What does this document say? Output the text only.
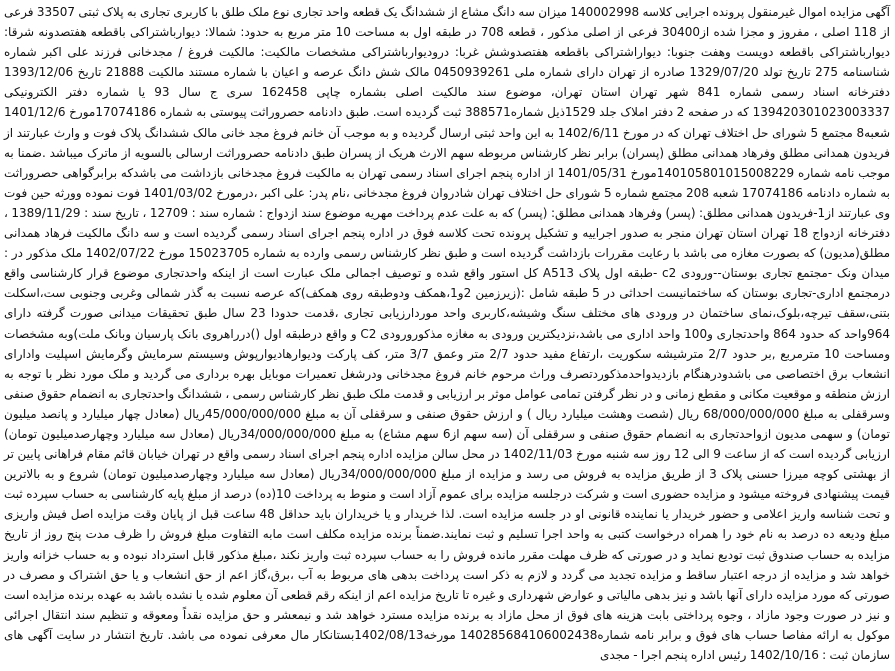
آگهی مزایده اموال غیرمنقول پرونده اجرایی کلاسه 140002998 میزان سه دانگ مشاع از ششدانگ یک قطعه واحد تجاری نوع ملک طلق با کاربری تجاری به پلاک ثبتی 33507 فرعی از 118 اصلی ، مفروز و مجزا شده از30400 فرعی از اصلی مذکور ، قطعه 708 در طبقه اول به مساحت 10 متر مربع به حدود: شمالا: دیوارباشتراکی باقطعه هفتصدونه شرقا: دیوارباشتراکی باقطعه دویست وهفت جنوبا: دیواراشتراکی باقطعه هفتصدوشش غربا: درودیوارباشتراکی مشخصات مالکیت: مالکیت فروغ / مجدخانی فرزند علی اکبر شماره شناسنامه 275 تاریخ تولد 1329/07/20 صادره از تهران دارای شماره ملی 0450939261 مالک شش دانگ عرصه و اعیان با شماره مستند مالکیت 21888 تاریخ 1393/12/06 دفترخانه اسناد رسمی شماره 841 شهر تهران استان تهران، موضوع سند مالکیت اصلی بشماره چاپی 162458 سری ج سال 93 یا شماره دفتر الکترونیکی 139420301023003337 که در صفحه 2 دفتر املاک جلد 1529ذیل شماره388571 ثبت گردیده است. طبق دادنامه حصروراثت پیوستی به شماره 17074186مورخ 1401/12/6 شعبه8 مجتمع 5 شورای حل اختلاف تهران که در مورخ 1402/6/11 به این واحد ثبتی ارسال گردیده و به موجب آن خانم فروغ مجد خانی مالک ششدانگ پلاک فوت و وارث عبارتند از فریدون همدانی مطلق وفرهاد همدانی مطلق (پسران) برابر نظر کارشناس مربوطه سهم الارث هریک از پسران طبق دادنامه حصروراثت ارسالی بالسویه از ماترک میباشد .ضمنا به موجب نامه شماره 140105801015008229مورخ 1401/05/31 از اداره پنجم اجرای اسناد رسمی تهران به مالکیت فروغ مجدخانی بازداشت می باشدکه برابرگواهی حصروراثت به شماره دادنامه 17074186 شعبه 208 مجتمع شماره 5 شورای حل اختلاف تهران شادروان فروغ مجدخانی ،نام پدر: علی اکبر ،درمورخ 1401/03/02 فوت نموده وورثه حین فوت وی عبارتند از1-فریدون همدانی مطلق: (پسر) وفرهاد همدانی مطلق: (پسر) که به علت عدم پرداخت مهریه موضوع سند ازدواج : شماره سند : 12709 ، تاریخ سند : 1389/11/29 ، دفترخانه ازدواج 18 تهران استان تهران منجر به صدور اجراییه و تشکیل پرونده تحت کلاسه فوق در اداره پنجم اجرای اسناد رسمی گردیده است و سه دانگ مالکیت فرهاد همدانی مطلق(مدیون) که بصورت مغازه می باشد با رعایت مقررات بازداشت گردیده است و طبق نظر کارشناس رسمی وارده به شماره 15023705 مورخ 1402/07/22 ملک مذکور در : میدان ونک -مجتمع تجاری بوستان--ورودی c2 -طبقه اول پلاک A513 کل استور واقع شده و توصیف اجمالی ملک عبارت است از اینکه واحدتجاری موضوع قرار کارشناسی واقع درمجتمع اداری-تجاری بوستان که ساختمانیست احداثی در 5 طبقه شامل :(زیرزمین 2و1،همکف ودوطبقه روی همکف)که عرصه نسبت به گذر شمالی وغربی وجنوبی ست،اسکلت بتنی،سقف تیرچه،بلوک،نمای ساختمان در ورودی های مختلف سنگ وشیشه،کاربری واحد موردارزیابی تجاری ،قدمت حدودا 23 سال طبق تحقیقات میدانی صورت گرفته دارای 964واحد که حدود 864 واحدتجاری و100 واحد اداری می باشد،نزدیکترین ورودی به مغازه مذکورورودی C2 و واقع درطبقه اول ()درراهروی بانک پارسیان وبانک ملت)وبه مشخصات ومساحت 10 مترمربع ,بر حدود 2/7 مترشیشه سکوریت ،ارتفاع مفید حدود 2/7 متر وعمق 3/7 متر، کف پارکت ودیوارهادیوارپوش وسیستم سرمایش وگرمایش اسپلیت وادارای انشعاب برق اختصاصی می باشدودرهنگام بازدیدواحدمذکوردتصرف وراث مرحوم خانم فروغ مجدخانی ودرشغل تعمیرات موبایل بهره برداری می گردید و ملک مورد نظر با توجه به ارزش منطقه و موقعیت مکانی و مقطع زمانی و در نظر گرفتن تمامی عوامل موثر بر ارزیابی و قدمت ملک طبق نظر کارشناس رسمی ، ششدانگ واحدتجاری به انضمام حقوق صنفی وسرقفلی به مبلغ 68/000/000/000 ریال (شصت وهشت میلیارد ریال ) و ارزش حقوق صنفی و سرقفلی آن به مبلغ 45/000/000/000ریال (معادل چهار میلیارد و پانصد میلیون تومان) و سهمی مدیون ازواحدتجاری به انضمام حقوق صنفی و سرقفلی آن (سه سهم از6 سهم مشاع) به مبلغ 34/000/000/000ریال (معادل سه میلیارد وچهارصدمیلیون تومان) ارزیابی گردیده است که از ساعت 9 الی 12 روز سه شنبه مورخ 1402/11/03 در محل سالن مزایده اداره پنجم اجرای اسناد رسمی واقع در تهران خیابان قائم مقام فراهانی پایین تر از بهشتی کوچه میرزا حسنی پلاک 3 از طریق مزایده به فروش می رسد و مزایده از مبلغ 34/000/000/000ریال (معادل سه میلیارد وچهارصدمیلیون تومان) شروع و به بالاترین قیمت پیشنهادی فروخته میشود و مزایده حضوری است و شرکت درجلسه مزایده برای عموم آزاد است و منوط به پرداخت 10(ده) درصد از مبلغ پایه کارشناسی به حساب سپرده ثبت و تحت شناسه واریز اعلامی و حضور خریدار یا نماینده قانونی او در جلسه مزایده است. لذا خریدار و یا خریداران باید حداقل 48 ساعت قبل از پایان وقت مزایده اصل فیش واریزی مبلغ ودیعه ده درصد به نام خود را همراه درخواست کتبی به واحد اجرا تسلیم و ثبت نمایند.ضمناً برنده مزایده مکلف است مابه التفاوت مبلغ فروش را ظرف مدت پنج روز از تاریخ مزایده به حساب صندوق ثبت تودیع نماید و در صورتی که ظرف مهلت مقرر مانده فروش را به حساب سپرده ثبت واریز نکند ،مبلغ مذکور قابل استرداد نبوده و به حساب خزانه واریز خواهد شد و مزایده از درجه اعتبار ساقط و مزایده تجدید می گردد و لازم به ذکر است پرداخت بدهی های مربوط به آب ،برق،گاز اعم از حق انشعاب و یا حق اشتراک و مصرف در صورتی که مورد مزایده دارای آنها باشد و نیز بدهی مالیاتی و عوارض شهرداری و غیره تا تاریخ مزایده اعم از اینکه رقم قطعی آن معلوم شده یا نشده باشد به عهده برنده مزایده است و نیز در صورت وجود مازاد ، وجوه پرداختی بابت هزینه های فوق از محل مازاد به برنده مزایده مسترد خواهد شد و نیمعشر و حق مزایده نقداً ومعوقه و تنظیم سند انتقال اجرائی موکول به ارائه مفاصا حساب های فوق و برابر نامه شماره140285684106002438 مورخه1402/08/13بستانکار مال معرفی نموده می باشد. تاریخ انتشار در سایت آگهی های سازمان ثبت : 1402/10/16 رئیس اداره پنجم اجرا - مجدی
